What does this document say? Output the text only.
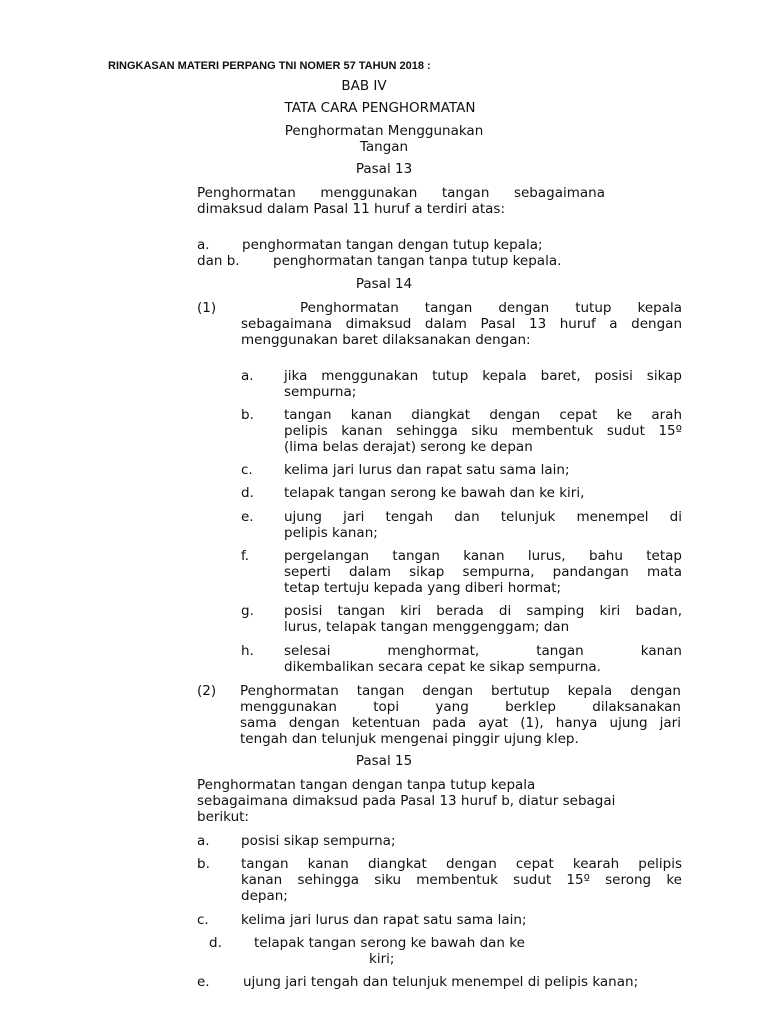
RINGKASAN MATERI PERPANG TNI NOMER 57 TAHUN 2018 :
BAB IV
TATA CARA PENGHORMATAN
Penghormatan Menggunakan
Tangan
Pasal 13
Penghormatan menggunakan tangan sebagaimana
dimaksud dalam Pasal 11 huruf a terdiri atas:
a. penghormatan tangan dengan tutup kepala;
dan b. penghormatan tangan tanpa tutup kepala.
Pasal 14
(1)	Penghormatan tangan dengan tutup kepala
sebagaimana dimaksud dalam Pasal 13 huruf a dengan
menggunakan baret dilaksanakan dengan:
a. jika menggunakan tutup kepala baret, posisi sikap
sempurna;
b. tangan kanan diangkat dengan cepat ke arah
pelipis kanan sehingga siku membentuk sudut 15º
(lima belas derajat) serong ke depan
c. kelima jari lurus dan rapat satu sama lain;
d. telapak tangan serong ke bawah dan ke kiri,
e. ujung jari tengah dan telunjuk menempel di
pelipis kanan;
f.	pergelangan tangan kanan lurus, bahu tetap
seperti dalam sikap sempurna, pandangan mata
tetap tertuju kepada yang diberi hormat;
g. posisi tangan kiri berada di samping kiri badan,
lurus, telapak tangan menggenggam; dan
h. selesai menghormat, tangan kanan
dikembalikan secara cepat ke sikap sempurna.
(2) Penghormatan tangan dengan bertutup kepala dengan
menggunakan topi yang berklep dilaksanakan
sama dengan ketentuan pada ayat (1), hanya ujung jari
tengah dan telunjuk mengenai pinggir ujung klep.
Pasal 15
Penghormatan tangan dengan tanpa tutup kepala
sebagaimana dimaksud pada Pasal 13 huruf b, diatur sebagai
berikut:
a. posisi sikap sempurna;
b. tangan kanan diangkat dengan cepat kearah pelipis
kanan sehingga siku membentuk sudut 15º serong ke
depan;
c. kelima jari lurus dan rapat satu sama lain;
d. telapak tangan serong ke bawah dan ke
kiri;
e. ujung jari tengah dan telunjuk menempel di pelipis kanan;
